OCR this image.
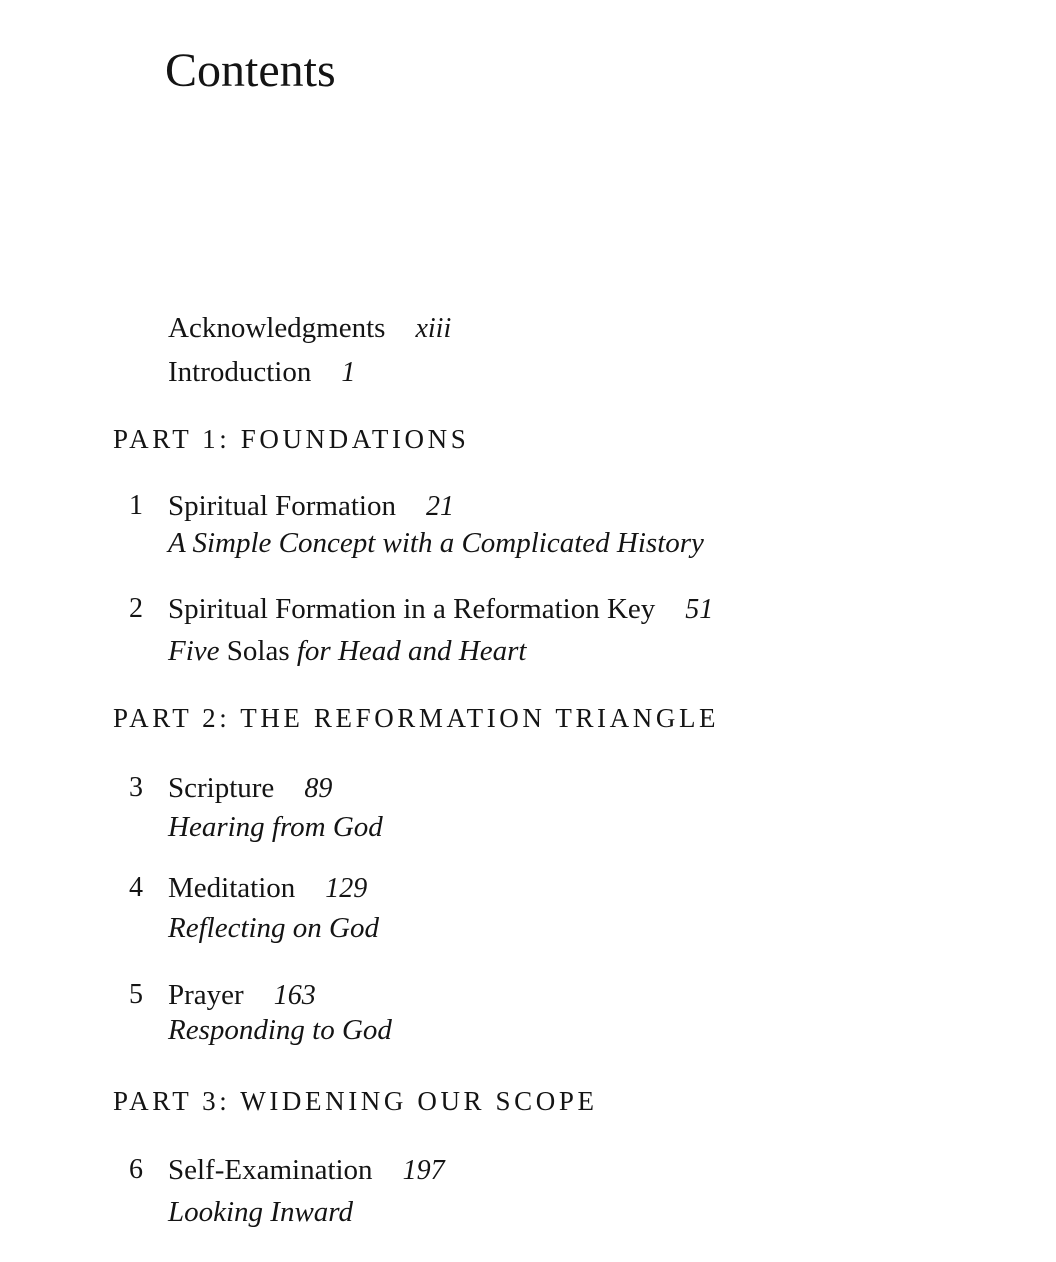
Contents
Acknowledgments xiii
Introduction 1
PART 1: FOUNDATIONS
1 Spiritual Formation 21
A Simple Concept with a Complicated History
2 Spiritual Formation in a Reformation Key 51
Five Solas for Head and Heart
PART 2: THE REFORMATION TRIANGLE
3 Scripture 89
Hearing from God
4 Meditation 129
Reflecting on God
5 Prayer 163
Responding to God
PART 3: WIDENING OUR SCOPE
6 Self-Examination 197
Looking Inward
